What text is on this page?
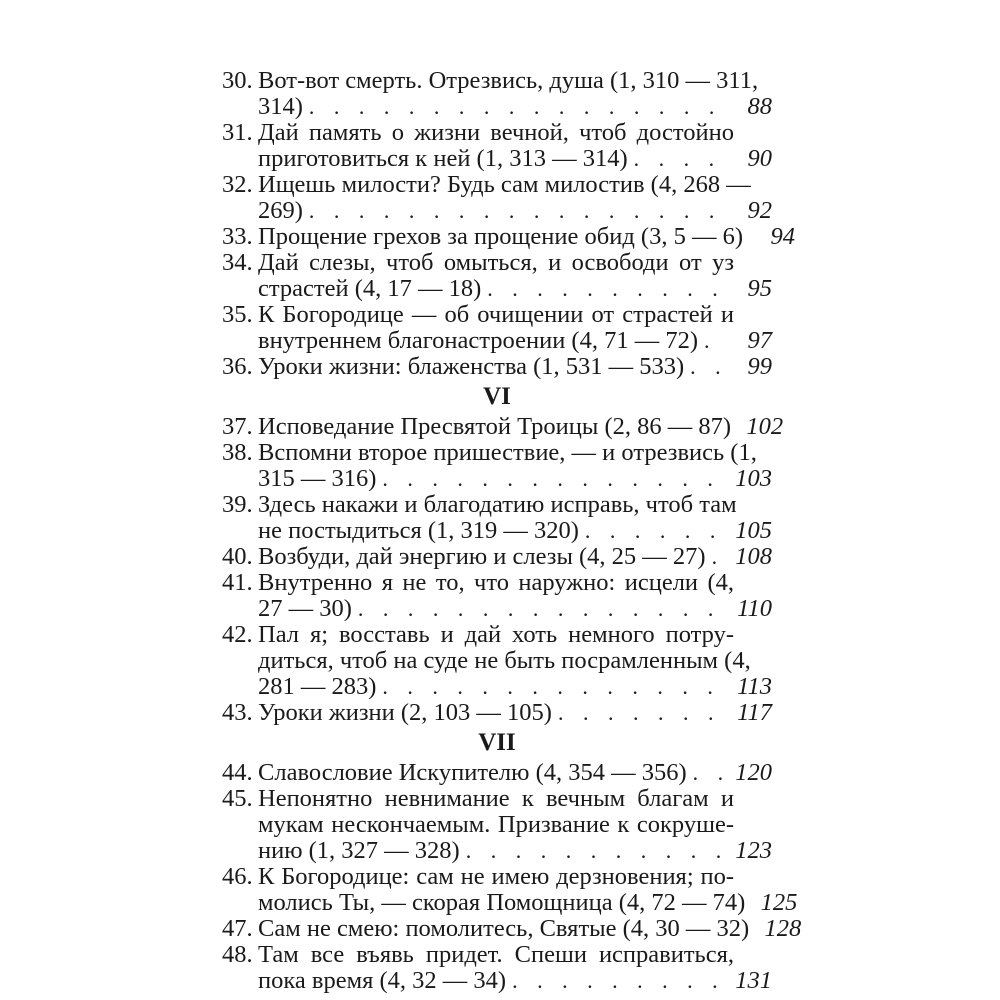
30. Вот-вот смерть. Отрезвись, душа (1, 310 — 311,
314) . . .	88
31. Дай память о жизни вечной, чтоб достойно
приготовиться к ней (1, 313 — 314) . . .	90
32. Ищешь милости? Будь сам милостив (4, 268 —
269) . . .	92
33. Прощение грехов за прощение обид (3, 5 — 6)	94
34. Дай слезы, чтоб омыться, и освободи от уз
страстей (4, 17 — 18) . . .	95
35. К Богородице — об очищении от страстей и
внутреннем благонастроении (4, 71 — 72) . . .	97
36. Уроки жизни: блаженства (1, 531 — 533) . . .	99
VI
37. Исповедание Пресвятой Троицы (2, 86 — 87) 102
38. Вспомни второе пришествие, — и отрезвись (1,
315 — 316) . . .	103
39. Здесь накажи и благодатию исправь, чтоб там
не постыдиться (1, 319 — 320) . . .	105
40. Возбуди, дай энергию и слезы (4, 25 — 27) . . . 108
41. Внутренно я не то, что наружно: исцели (4,
27 — 30) . . .	110
42. Пал я; восставь и дай хоть немного потру-
диться, чтоб на суде не быть посрамленным (4,
281 — 283) . . .	113
43. Уроки жизни (2, 103 — 105) . . .	117
VII
44. Славословие Искупителю (4, 354 — 356) . . . 120
45. Непонятно невнимание к вечным благам и
мукам нескончаемым. Призвание к сокруше-
нию (1, 327 — 328) . . .	123
46. К Богородице: сам не имею дерзновения; по-
молись Ты, — скорая Помощница (4, 72 — 74) 125
47. Сам не смею: помолитесь, Святые (4, 30 — 32) 128
48. Там все въявь придет. Спеши исправиться,
пока время (4, 32 — 34) . . .	131
